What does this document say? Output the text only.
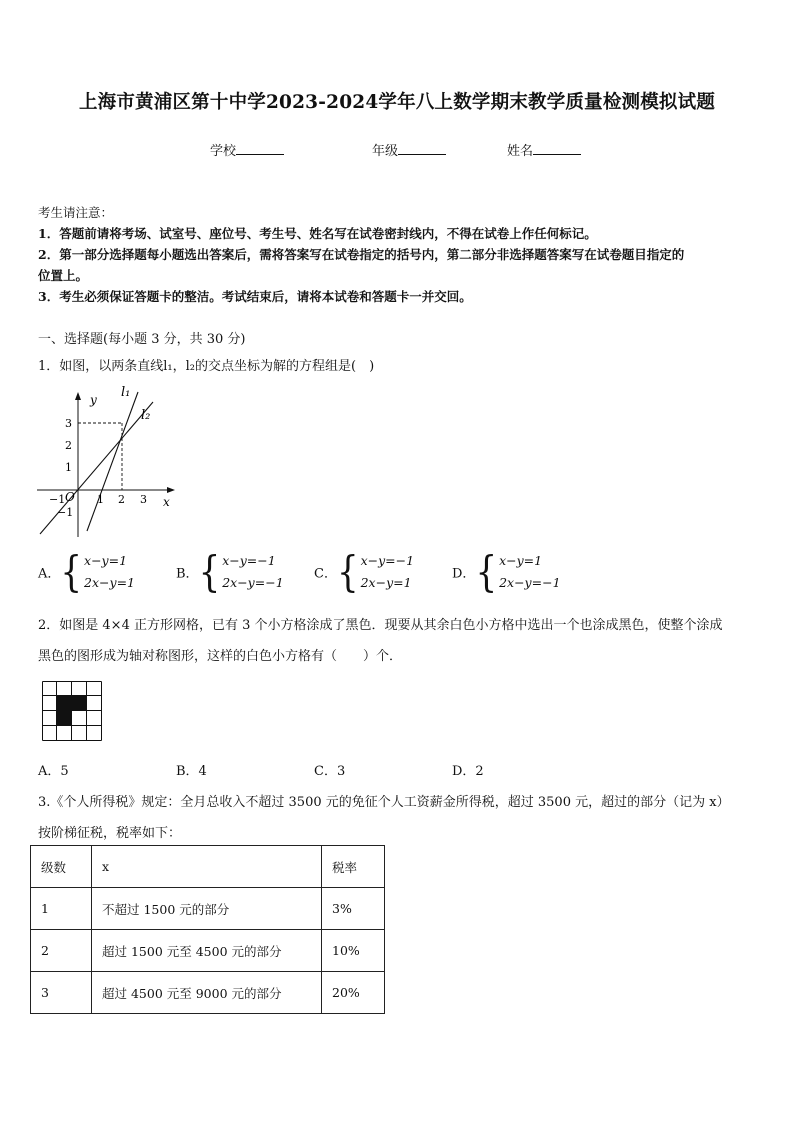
上海市黄浦区第十中学2023-2024学年八上数学期末教学质量检测模拟试题
学校	年级	姓名
考生请注意：
1．答题前请将考场、试室号、座位号、考生号、姓名写在试卷密封线内，不得在试卷上作任何标记。
2．第一部分选择题每小题选出答案后，需将答案写在试卷指定的括号内，第二部分非选择题答案写在试卷题目指定的
位置上。
3．考生必须保证答题卡的整洁。考试结束后，请将本试卷和答题卡一并交回。
一、选择题(每小题 3 分，共 30 分)
1．如图，以两条直线l₁，l₂的交点坐标为解的方程组是(　)
y
x
l₁
l₂
3
2
1
−1
−1 O 1 2 3
A．{ x−y=1
2x−y=1
B．{ x−y=−1
2x−y=−1
C．{ x−y=−1
2x−y=1
D．{ x−y=1
2x−y=−1
2．如图是 4×4 正方形网格，已有 3 个小方格涂成了黑色．现要从其余白色小方格中选出一个也涂成黑色，使整个涂成
黑色的图形成为轴对称图形，这样的白色小方格有（　　）个．
A．5	B．4	C．3	D．2
3.《个人所得税》规定：全月总收入不超过 3500 元的免征个人工资薪金所得税，超过 3500 元，超过的部分（记为 x）
按阶梯征税，税率如下：
级数	x	税率
1	不超过 1500 元的部分	3%
2	超过 1500 元至 4500 元的部分	10%
3	超过 4500 元至 9000 元的部分	20%
